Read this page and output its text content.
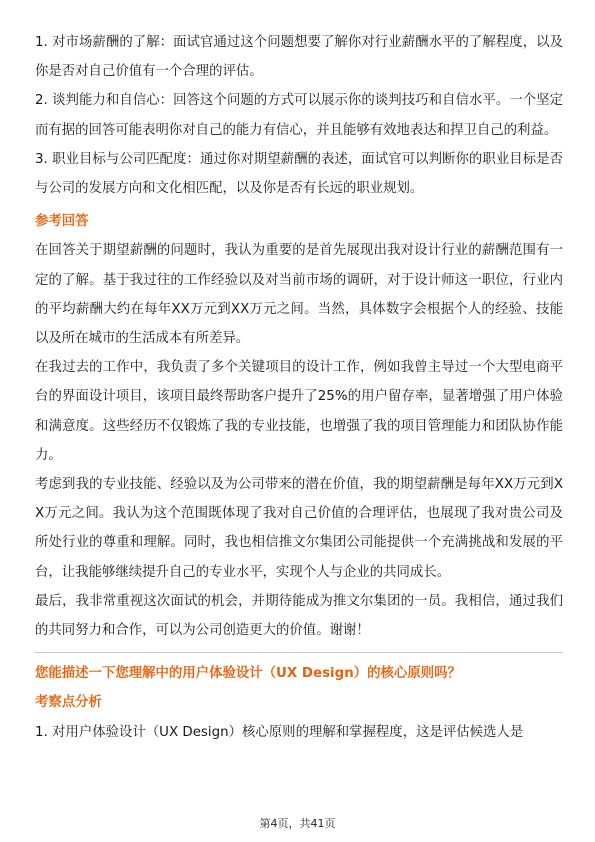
1. 对市场薪酬的了解：面试官通过这个问题想要了解你对行业薪酬水平的了解程度，以及你是否对自己价值有一个合理的评估。

2. 谈判能力和自信心：回答这个问题的方式可以展示你的谈判技巧和自信水平。一个坚定而有据的回答可能表明你对自己的能力有信心，并且能够有效地表达和捍卫自己的利益。

3. 职业目标与公司匹配度：通过你对期望薪酬的表述，面试官可以判断你的职业目标是否与公司的发展方向和文化相匹配，以及你是否有长远的职业规划。

参考回答

在回答关于期望薪酬的问题时，我认为重要的是首先展现出我对设计行业的薪酬范围有一定的了解。基于我过往的工作经验以及对当前市场的调研，对于设计师这一职位，行业内的平均薪酬大约在每年XX万元到XX万元之间。当然，具体数字会根据个人的经验、技能以及所在城市的生活成本有所差异。

在我过去的工作中，我负责了多个关键项目的设计工作，例如我曾主导过一个大型电商平台的界面设计项目，该项目最终帮助客户提升了25%的用户留存率，显著增强了用户体验和满意度。这些经历不仅锻炼了我的专业技能，也增强了我的项目管理能力和团队协作能力。

考虑到我的专业技能、经验以及为公司带来的潜在价值，我的期望薪酬是每年XX万元到XX万元之间。我认为这个范围既体现了我对自己价值的合理评估，也展现了我对贵公司及所处行业的尊重和理解。同时，我也相信推文尔集团公司能提供一个充满挑战和发展的平台，让我能够继续提升自己的专业水平，实现个人与企业的共同成长。

最后，我非常重视这次面试的机会，并期待能成为推文尔集团的一员。我相信，通过我们的共同努力和合作，可以为公司创造更大的价值。谢谢！

您能描述一下您理解中的用户体验设计（UX Design）的核心原则吗？

考察点分析

1. 对用户体验设计（UX Design）核心原则的理解和掌握程度，这是评估候选人是

第4页，共41页
